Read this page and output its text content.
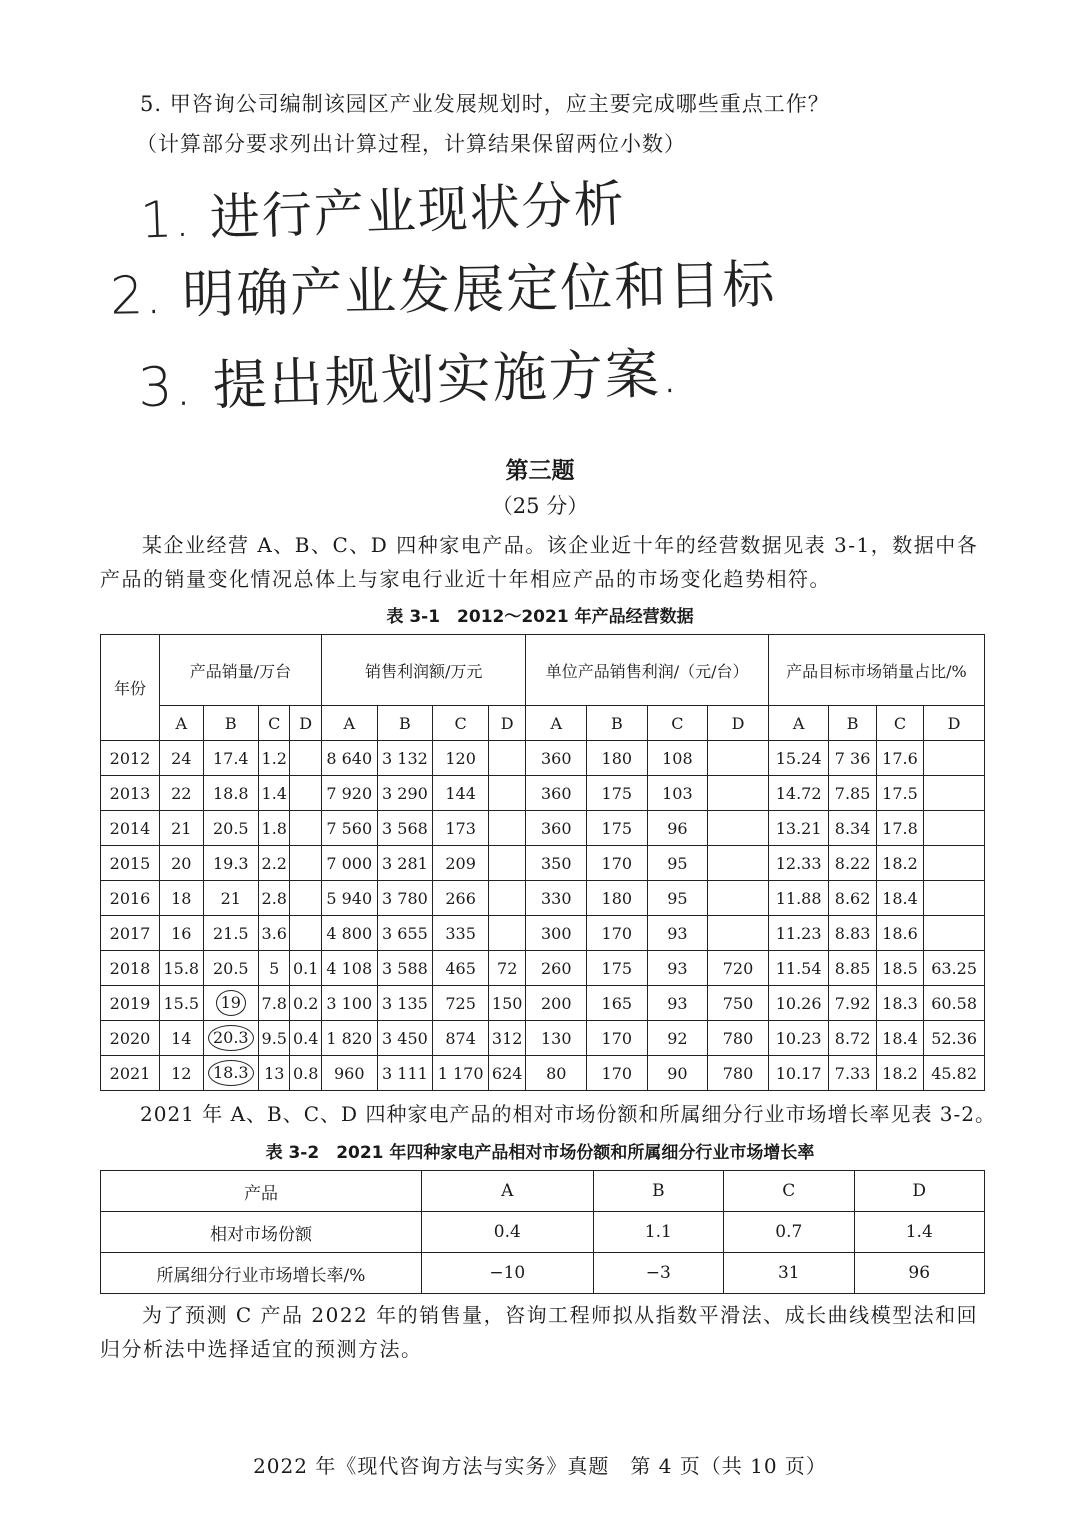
5. 甲咨询公司编制该园区产业发展规划时，应主要完成哪些重点工作？
（计算部分要求列出计算过程，计算结果保留两位小数）
1. 进行产业现状分析
2. 明确产业发展定位和目标
3. 提出规划实施方案.
第三题
（25 分）
某企业经营 A、B、C、D 四种家电产品。该企业近十年的经营数据见表 3-1，数据中各产品的销量变化情况总体上与家电行业近十年相应产品的市场变化趋势相符。
表 3-1　2012～2021 年产品经营数据
年份	产品销量/万台				销售利润额/万元				单位产品销售利润/（元/台）				产品目标市场销量占比/%			
	A	B	C	D	A	B	C	D	A	B	C	D	A	B	C	D
2012	24	17.4	1.2		8 640	3 132	120		360	180	108		15.24	7 36	17.6	
2013	22	18.8	1.4		7 920	3 290	144		360	175	103		14.72	7.85	17.5	
2014	21	20.5	1.8		7 560	3 568	173		360	175	96		13.21	8.34	17.8	
2015	20	19.3	2.2		7 000	3 281	209		350	170	95		12.33	8.22	18.2	
2016	18	21	2.8		5 940	3 780	266		330	180	95		11.88	8.62	18.4	
2017	16	21.5	3.6		4 800	3 655	335		300	170	93		11.23	8.83	18.6	
2018	15.8	20.5	5	0.1	4 108	3 588	465	72	260	175	93	720	11.54	8.85	18.5	63.25
2019	15.5	19	7.8	0.2	3 100	3 135	725	150	200	165	93	750	10.26	7.92	18.3	60.58
2020	14	20.3	9.5	0.4	1 820	3 450	874	312	130	170	92	780	10.23	8.72	18.4	52.36
2021	12	18.3	13	0.8	960	3 111	1 170	624	80	170	90	780	10.17	7.33	18.2	45.82
2021 年 A、B、C、D 四种家电产品的相对市场份额和所属细分行业市场增长率见表 3-2。
表 3-2　2021 年四种家电产品相对市场份额和所属细分行业市场增长率
产品	A	B	C	D
相对市场份额	0.4	1.1	0.7	1.4
所属细分行业市场增长率/%	−10	−3	31	96
为了预测 C 产品 2022 年的销售量，咨询工程师拟从指数平滑法、成长曲线模型法和回归分析法中选择适宜的预测方法。
2022 年《现代咨询方法与实务》真题　第 4 页（共 10 页）
